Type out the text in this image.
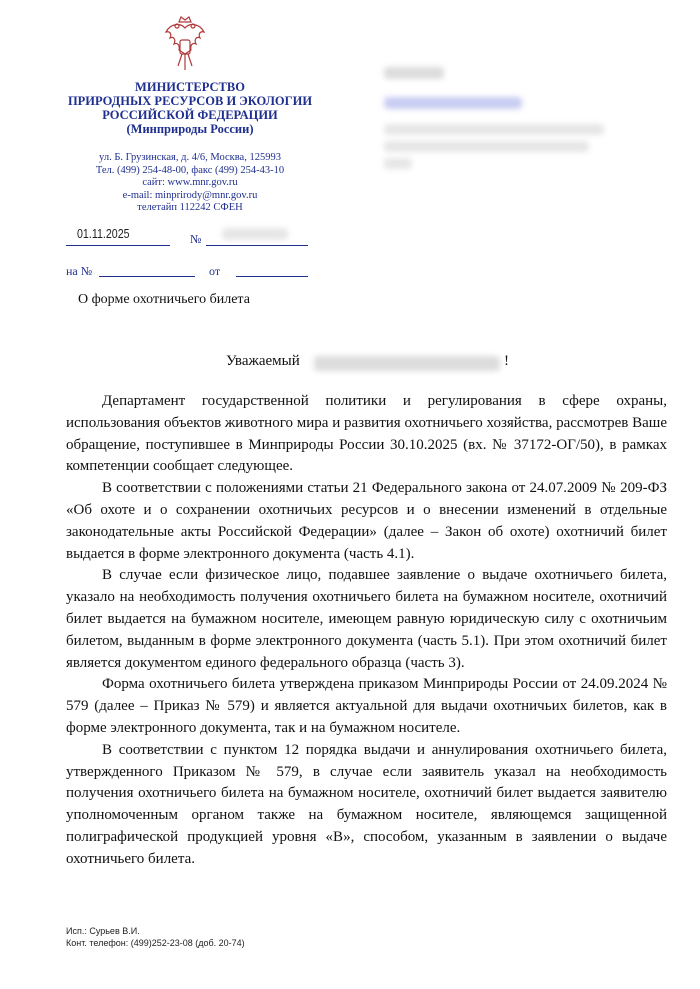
МИНИСТЕРСТВО
ПРИРОДНЫХ РЕСУРСОВ И ЭКОЛОГИИ
РОССИЙСКОЙ ФЕДЕРАЦИИ
(Минприроды России)
ул. Б. Грузинская, д. 4/6, Москва, 125993
Тел. (499) 254-48-00, факс (499) 254-43-10
сайт: www.mnr.gov.ru
e-mail: minprirody@mnr.gov.ru
телетайп 112242 СФЕН
01.11.2025	№
на №	от
О форме охотничьего билета
Уважаемый	!

Департамент государственной политики и регулирования в сфере охраны, использования объектов животного мира и развития охотничьего хозяйства, рассмотрев Ваше обращение, поступившее в Минприроды России 30.10.2025 (вх. № 37172-ОГ/50), в рамках компетенции сообщает следующее.

В соответствии с положениями статьи 21 Федерального закона от 24.07.2009 № 209-ФЗ «Об охоте и о сохранении охотничьих ресурсов и о внесении изменений в отдельные законодательные акты Российской Федерации» (далее – Закон об охоте) охотничий билет выдается в форме электронного документа (часть 4.1).

В случае если физическое лицо, подавшее заявление о выдаче охотничьего билета, указало на необходимость получения охотничьего билета на бумажном носителе, охотничий билет выдается на бумажном носителе, имеющем равную юридическую силу с охотничьим билетом, выданным в форме электронного документа (часть 5.1). При этом охотничий билет является документом единого федерального образца (часть 3).

Форма охотничьего билета утверждена приказом Минприроды России от 24.09.2024 № 579 (далее – Приказ № 579) и является актуальной для выдачи охотничьих билетов, как в форме электронного документа, так и на бумажном носителе.

В соответствии с пунктом 12 порядка выдачи и аннулирования охотничьего билета, утвержденного Приказом № 579, в случае если заявитель указал на необходимость получения охотничьего билета на бумажном носителе, охотничий билет выдается заявителю уполномоченным органом также на бумажном носителе, являющемся защищенной полиграфической продукцией уровня «В», способом, указанным в заявлении о выдаче охотничьего билета.

Исп.: Сурьев В.И.
Конт. телефон: (499)252-23-08 (доб. 20-74)
